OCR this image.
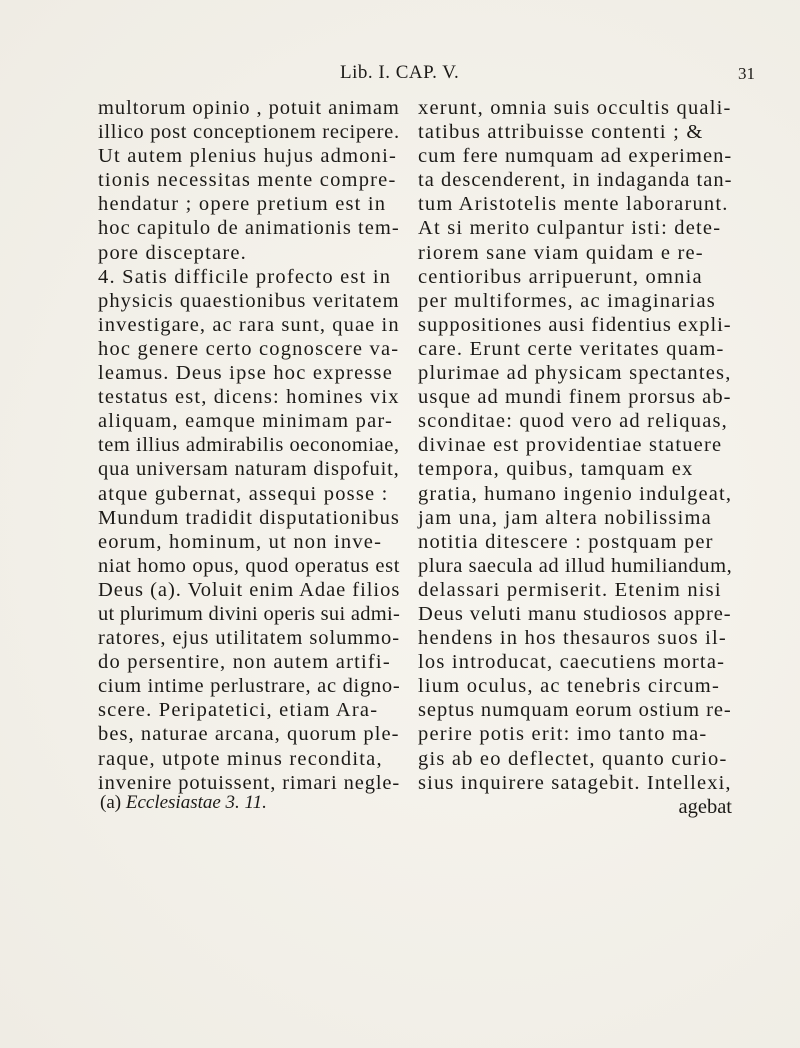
Lib. I. CAP. V.	31
multorum opinio , potuit animam
illico post conceptionem recipere.
Ut autem plenius hujus admoni-
tionis necessitas mente compre-
hendatur ; opere pretium est in
hoc capitulo de animationis tem-
pore disceptare.
4. Satis difficile profecto est in
physicis quaestionibus veritatem
investigare, ac rara sunt, quae in
hoc genere certo cognoscere va-
leamus. Deus ipse hoc expresse
testatus est, dicens: homines vix
aliquam, eamque minimam par-
tem illius admirabilis oeconomiae,
qua universam naturam dispofuit,
atque gubernat, assequi posse :
Mundum tradidit disputationibus
eorum, hominum, ut non inve-
niat homo opus, quod operatus est
Deus (a). Voluit enim Adae filios
ut plurimum divini operis sui admi-
ratores, ejus utilitatem solummo-
do persentire, non autem artifi-
cium intime perlustrare, ac digno-
scere. Peripatetici, etiam Ara-
bes, naturae arcana, quorum ple-
raque, utpote minus recondita,
invenire potuissent, rimari negle-
xerunt, omnia suis occultis quali-
tatibus attribuisse contenti ; &
cum fere numquam ad experimen-
ta descenderent, in indaganda tan-
tum Aristotelis mente laborarunt.
At si merito culpantur isti: dete-
riorem sane viam quidam e re-
centioribus arripuerunt, omnia
per multiformes, ac imaginarias
suppositiones ausi fidentius expli-
care. Erunt certe veritates quam-
plurimae ad physicam spectantes,
usque ad mundi finem prorsus ab-
sconditae: quod vero ad reliquas,
divinae est providentiae statuere
tempora, quibus, tamquam ex
gratia, humano ingenio indulgeat,
jam una, jam altera nobilissima
notitia ditescere : postquam per
plura saecula ad illud humiliandum,
delassari permiserit. Etenim nisi
Deus veluti manu studiosos appre-
hendens in hos thesauros suos il-
los introducat, caecutiens morta-
lium oculus, ac tenebris circum-
septus numquam eorum ostium re-
perire potis erit: imo tanto ma-
gis ab eo deflectet, quanto curio-
sius inquirere satagebit. Intellexi,
agebat
(a) Ecclesiastae 3. 11.
